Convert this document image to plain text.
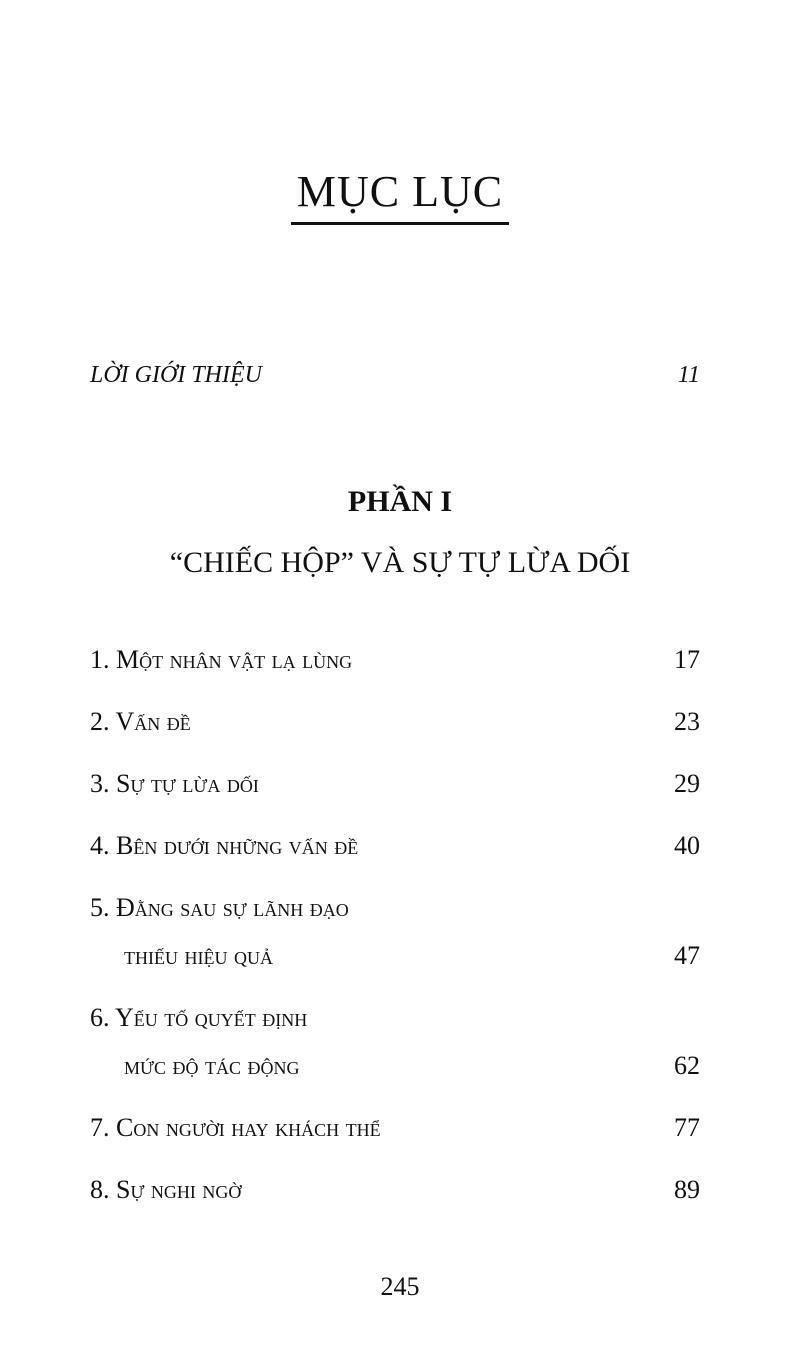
MỤC LỤC
LỜI GIỚI THIỆU	11
PHẦN I
“CHIẾC HỘP” VÀ SỰ TỰ LỪA DỐI
1. Một nhân vật lạ lùng	17
2. Vấn đề	23
3. Sự tự lừa dối	29
4. Bên dưới những vấn đề	40
5. Đằng sau sự lãnh đạo
thiếu hiệu quả	47
6. Yếu tố quyết định
mức độ tác động	62
7. Con người hay khách thể	77
8. Sự nghi ngờ	89
245
